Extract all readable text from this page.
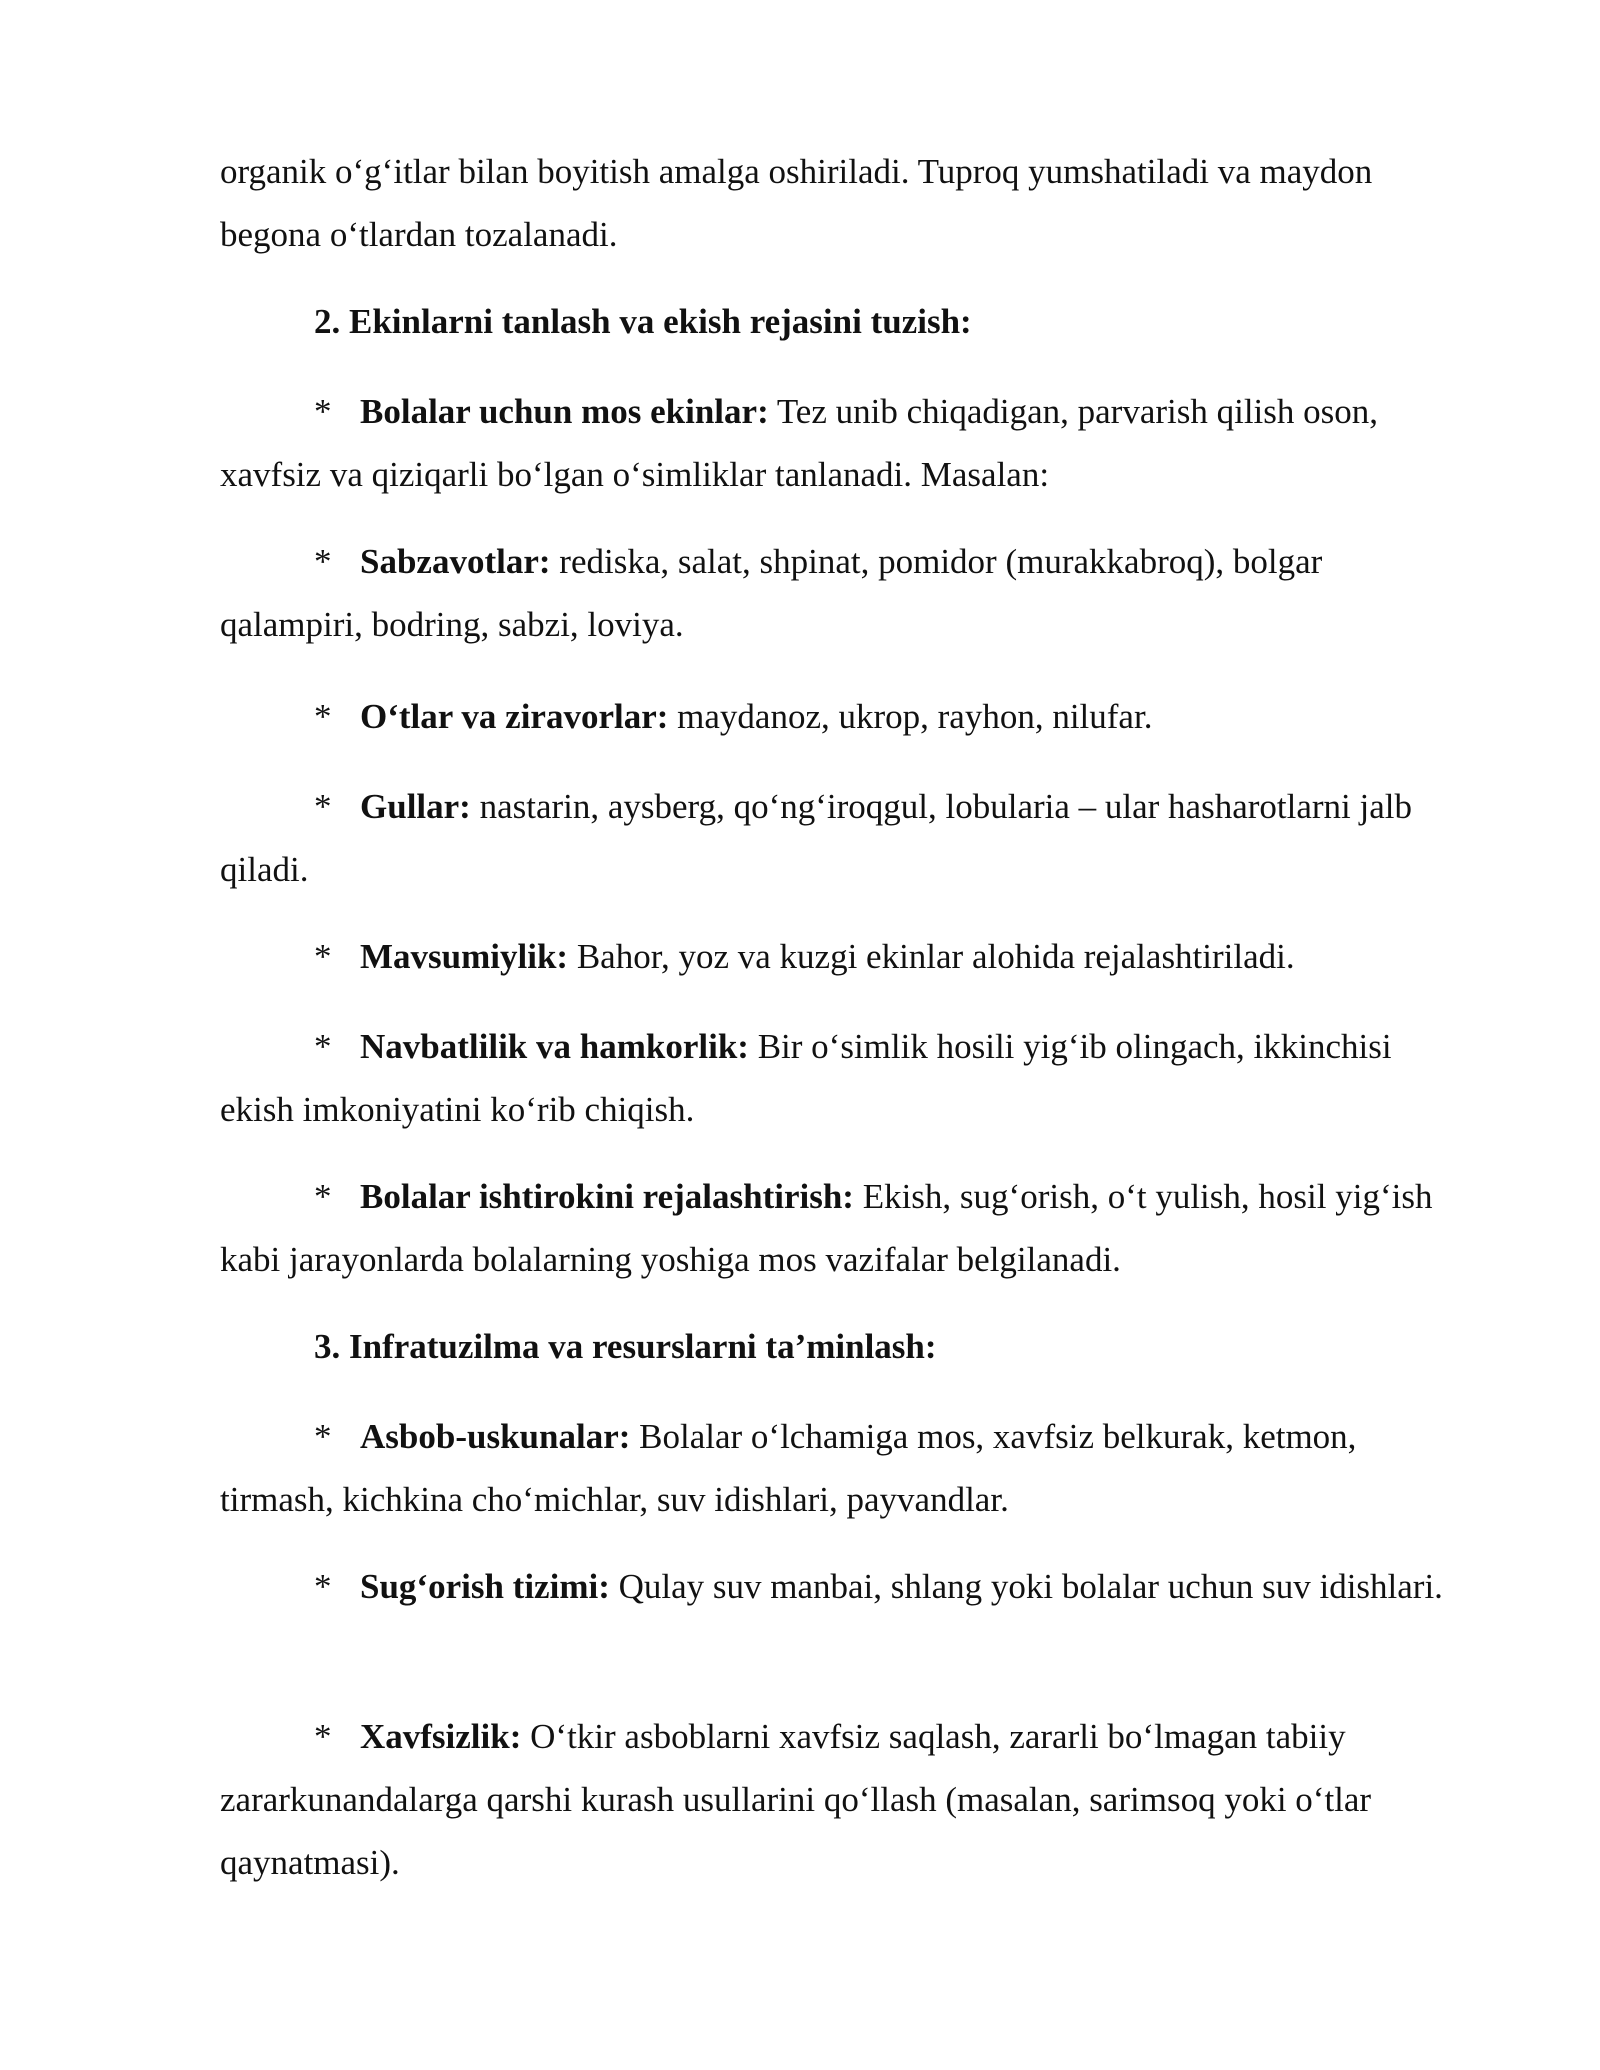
organik o‘g‘itlar bilan boyitish amalga oshiriladi. Tuproq yumshatiladi va maydon begona o‘tlardan tozalanadi.

2. Ekinlarni tanlash va ekish rejasini tuzish:

* Bolalar uchun mos ekinlar: Tez unib chiqadigan, parvarish qilish oson, xavfsiz va qiziqarli bo‘lgan o‘simliklar tanlanadi. Masalan:

* Sabzavotlar: rediska, salat, shpinat, pomidor (murakkabroq), bolgar qalampiri, bodring, sabzi, loviya.

* O‘tlar va ziravorlar: maydanoz, ukrop, rayhon, nilufar.

* Gullar: nastarin, aysberg, qo‘ng‘iroqgul, lobularia – ular hasharotlarni jalb qiladi.

* Mavsumiylik: Bahor, yoz va kuzgi ekinlar alohida rejalashtiriladi.

* Navbatlilik va hamkorlik: Bir o‘simlik hosili yig‘ib olingach, ikkinchisi ekish imkoniyatini ko‘rib chiqish.

* Bolalar ishtirokini rejalashtirish: Ekish, sug‘orish, o‘t yulish, hosil yig‘ish kabi jarayonlarda bolalarning yoshiga mos vazifalar belgilanadi.

3. Infratuzilma va resurslarni ta’minlash:

* Asbob-uskunalar: Bolalar o‘lchamiga mos, xavfsiz belkurak, ketmon, tirmash, kichkina cho‘michlar, suv idishlari, payvandlar.

* Sug‘orish tizimi: Qulay suv manbai, shlang yoki bolalar uchun suv idishlari.

* Xavfsizlik: O‘tkir asboblarni xavfsiz saqlash, zararli bo‘lmagan tabiiy zararkunandalarga qarshi kurash usullarini qo‘llash (masalan, sarimsoq yoki o‘tlar qaynatmasi).
